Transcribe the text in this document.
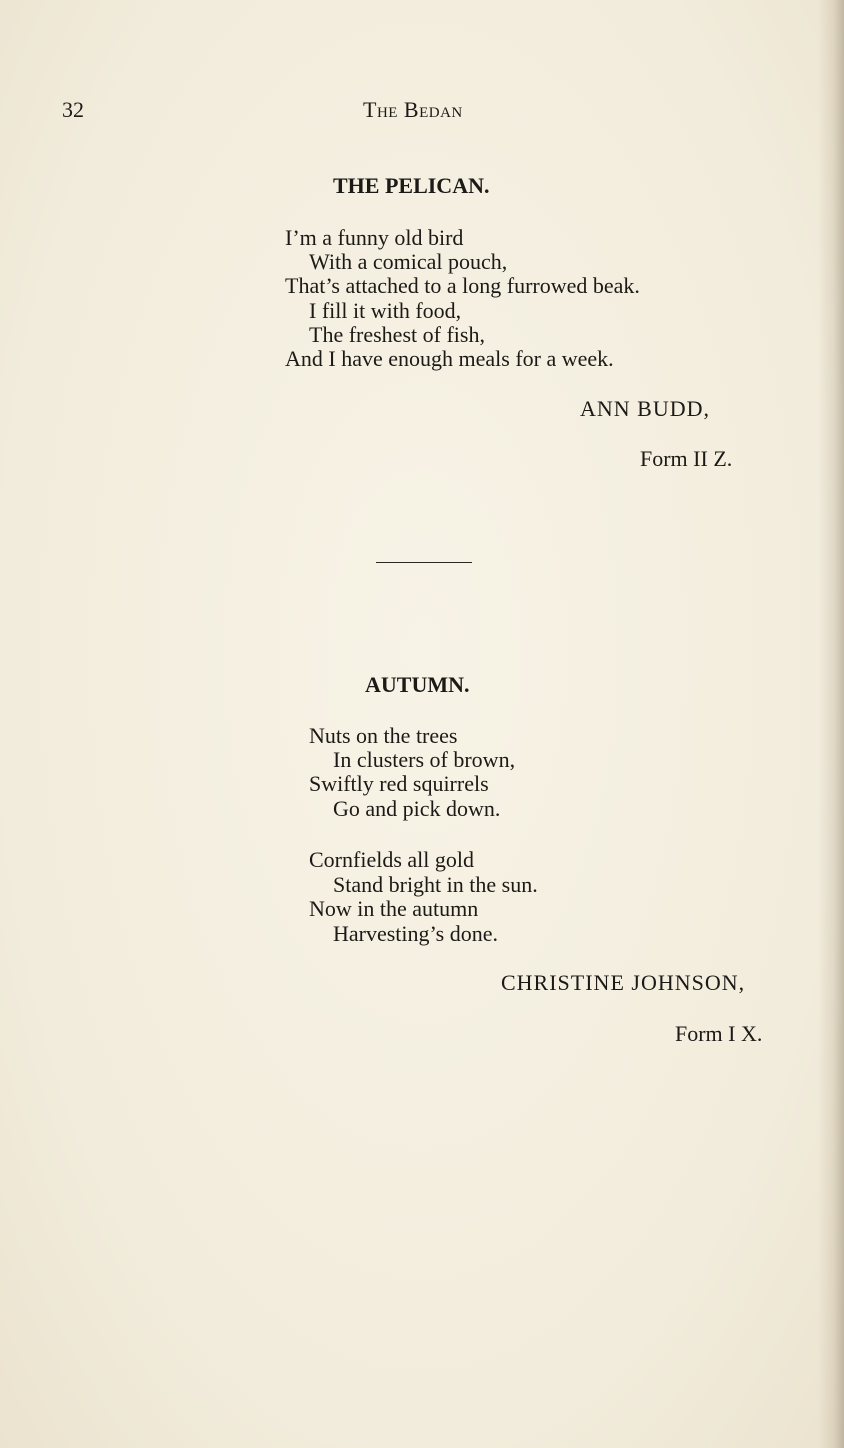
32	The Bedan
THE PELICAN.
I’m a funny old bird
With a comical pouch,
That’s attached to a long furrowed beak.
I fill it with food,
The freshest of fish,
And I have enough meals for a week.
ANN BUDD,
Form II Z.
AUTUMN.
Nuts on the trees
In clusters of brown,
Swiftly red squirrels
Go and pick down.
Cornfields all gold
Stand bright in the sun.
Now in the autumn
Harvesting’s done.
CHRISTINE JOHNSON,
Form I X.
